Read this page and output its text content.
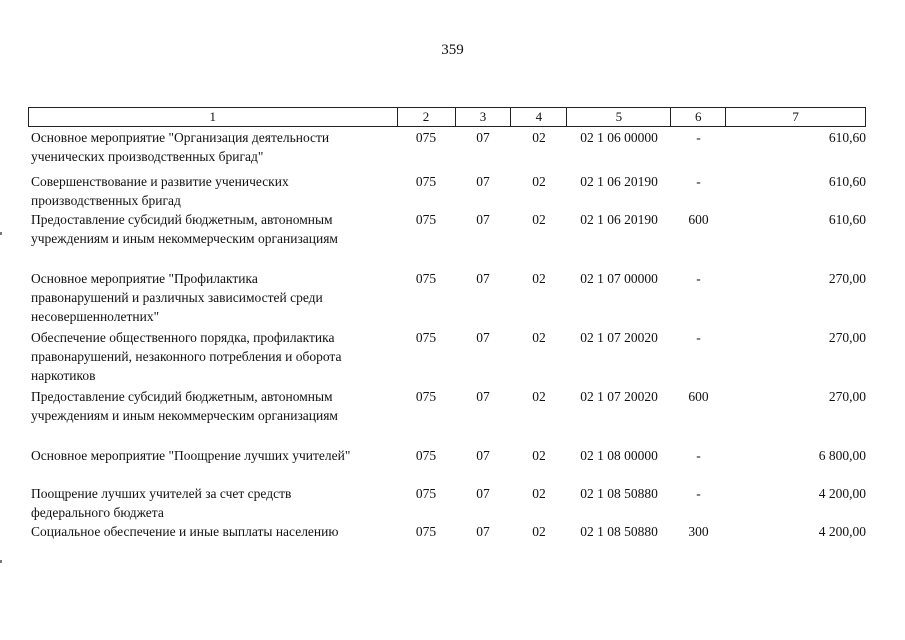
359
1	2	3	4	5	6	7
Основное мероприятие "Организация деятельности
ученических производственных бригад"
075	07	02	02 1 06 00000	-	610,60
Совершенствование и развитие ученических
производственных бригад
075	07	02	02 1 06 20190	-	610,60
Предоставление субсидий бюджетным, автономным
учреждениям и иным некоммерческим организациям
075	07	02	02 1 06 20190	600	610,60
Основное мероприятие "Профилактика
правонарушений и различных зависимостей среди
несовершеннолетних"
075	07	02	02 1 07 00000	-	270,00
Обеспечение общественного порядка, профилактика
правонарушений, незаконного потребления и оборота
наркотиков
075	07	02	02 1 07 20020	-	270,00
Предоставление субсидий бюджетным, автономным
учреждениям и иным некоммерческим организациям
075	07	02	02 1 07 20020	600	270,00
Основное мероприятие "Поощрение лучших учителей"	075	07	02	02 1 08 00000	-	6 800,00
Поощрение лучших учителей за счет средств
федерального бюджета
075	07	02	02 1 08 50880	-	4 200,00
Социальное обеспечение и иные выплаты населению	075	07	02	02 1 08 50880	300	4 200,00
